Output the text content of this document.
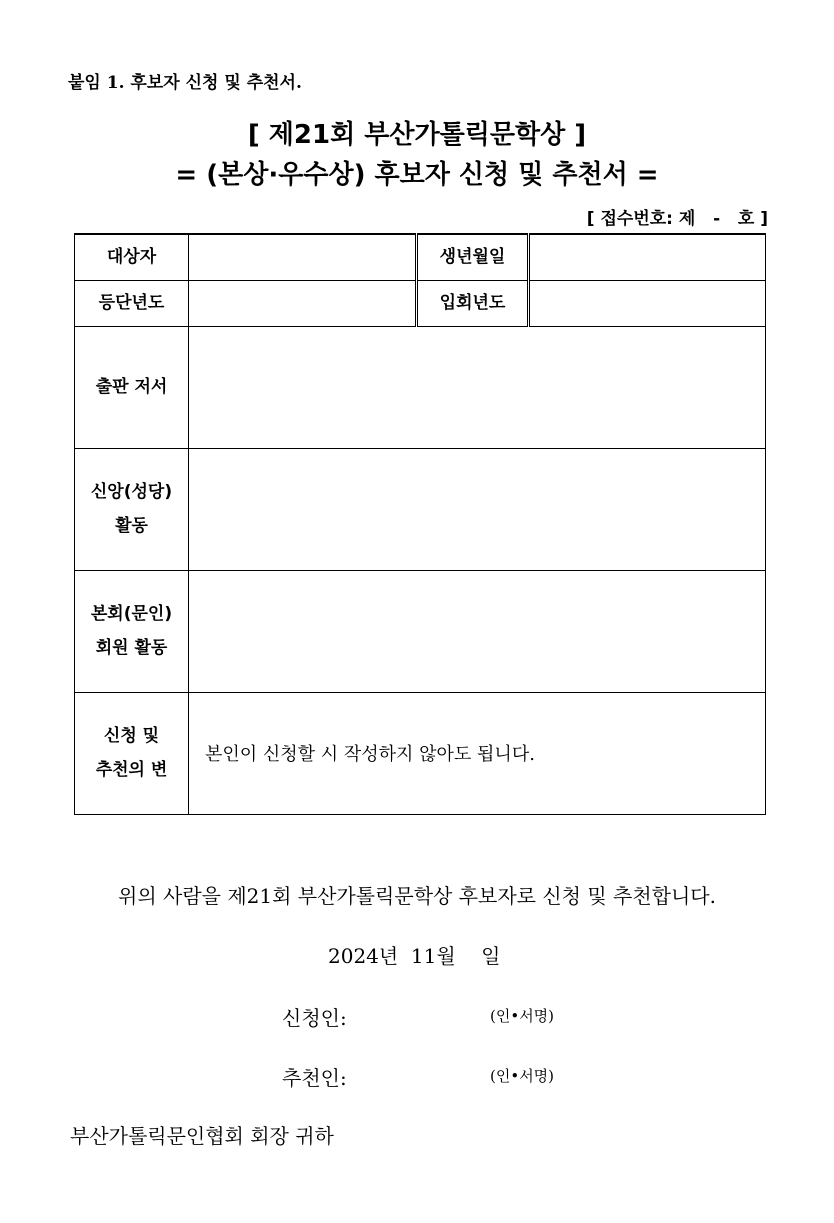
붙임 1. 후보자 신청 및 추천서.
[ 제21회 부산가톨릭문학상 ]
= (본상·우수상) 후보자 신청 및 추천서 =
[ 접수번호: 제   -   호 ]
대상자		생년월일	
등단년도		입회년도	
출판 저서			

신앙(성당)
활동			

본회(문인)
회원 활동			

신청 및
추천의 변	본인이 신청할 시 작성하지 않아도 됩니다.		
위의 사람을 제21회 부산가톨릭문학상 후보자로 신청 및 추천합니다.
2024년  11월    일
신청인:	(인•서명)
추천인:	(인•서명)
부산가톨릭문인협회 회장 귀하
